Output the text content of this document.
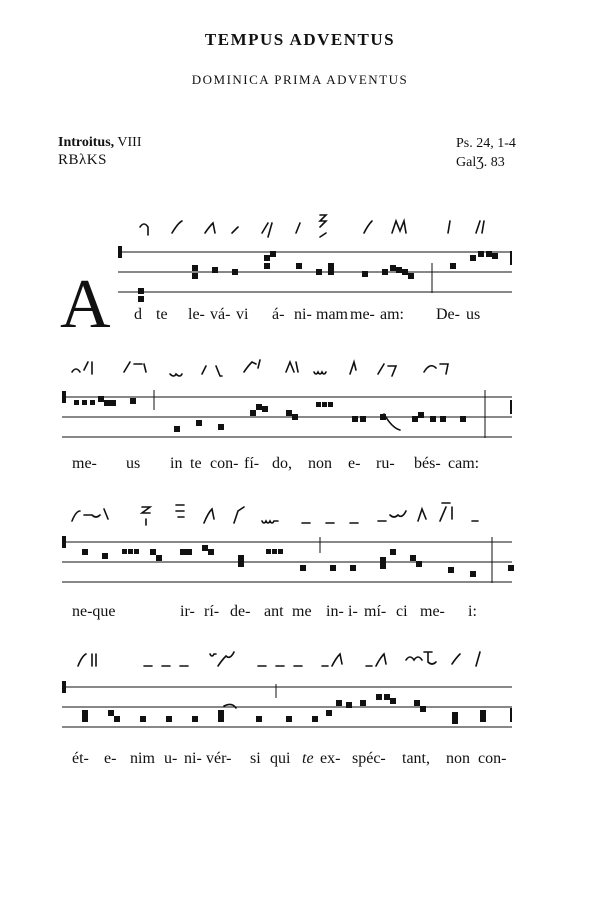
TEMPUS ADVENTUS
DOMINICA PRIMA ADVENTUS
Introitus, VIII
RBλKS
Ps. 24, 1-4
GalƷ. 83
A d te le- vá- vi á- ni- mam me- am: De- us
me- us in te con- fí- do, non e- ru- bés- cam:
ne-que	ir- rí- de- ant me in- i- mí- ci me- i:
ét- e- nim u- ni- vér- si qui te ex- spéc- tant, non con-
